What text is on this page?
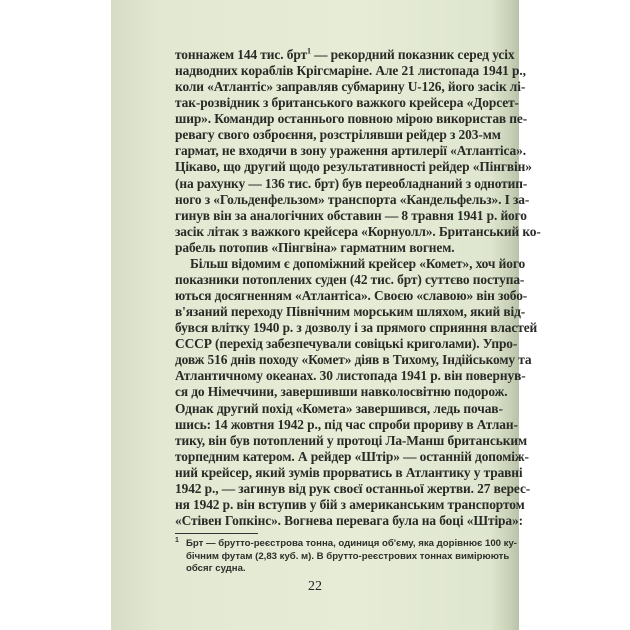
тоннажем 144 тис. брт$^1$ — рекордний показник серед усіх
1
22
надводних кораблів Крігсмаріне. Але 21 листопада 1941 р.,
коли «Атлантіс» заправляв субмарину U-126, його засік лі-
так-розвідник з британського важкого крейсера «Дорсет-
шир». Командир останнього повною мірою використав пе-
ревагу свого озброєння, розстрілявши рейдер з 203-мм
гармат, не входячи в зону ураження артилерії «Атлантіса».
Цікаво, що другий щодо результативності рейдер «Пінгвін»
(на рахунку — 136 тис. брт) був переобладнаний з однотип-
ного з «Гольденфельзом» транспорта «Кандельфельз». І за-
гинув він за аналогічних обставин — 8 травня 1941 р. його
засік літак з важкого крейсера «Корнуолл». Британський ко-
рабель потопив «Пінгвіна» гарматним вогнем.
Більш відомим є допоміжний крейсер «Комет», хоч його
показники потоплених суден (42 тис. брт) суттєво поступа-
ються досягненням «Атлантіса». Своєю «славою» він зобо-
в'язаний переходу Північним морським шляхом, який від-
бувся влітку 1940 р. з дозволу і за прямого сприяння властей
СССР (перехід забезпечували совіцькі криголами). Упро-
довж 516 днів походу «Комет» діяв в Тихому, Індійському та
Атлантичному океанах. 30 листопада 1941 р. він повернув-
ся до Німеччини, завершивши навколосвітню подорож.
Однак другий похід «Комета» завершився, ледь почав-
шись: 14 жовтня 1942 р., під час спроби прориву в Атлан-
тику, він був потоплений у протоці Ла-Манш британським
торпедним катером. А рейдер «Штір» — останній допоміж-
ний крейсер, який зумів прорватись в Атлантику у травні
1942 р., — загинув від рук своєї останньої жертви. 27 верес-
ня 1942 р. він вступив у бій з американським транспортом
«Стівен Гопкінс». Вогнева перевага була на боці «Штіра»:
Брт — брутто-реєстрова тонна, одиниця об'єму, яка дорівнює 100 ку-
бічним футам (2,83 куб. м). В брутто-реєстрових тоннах вимірюють
обсяг судна.
